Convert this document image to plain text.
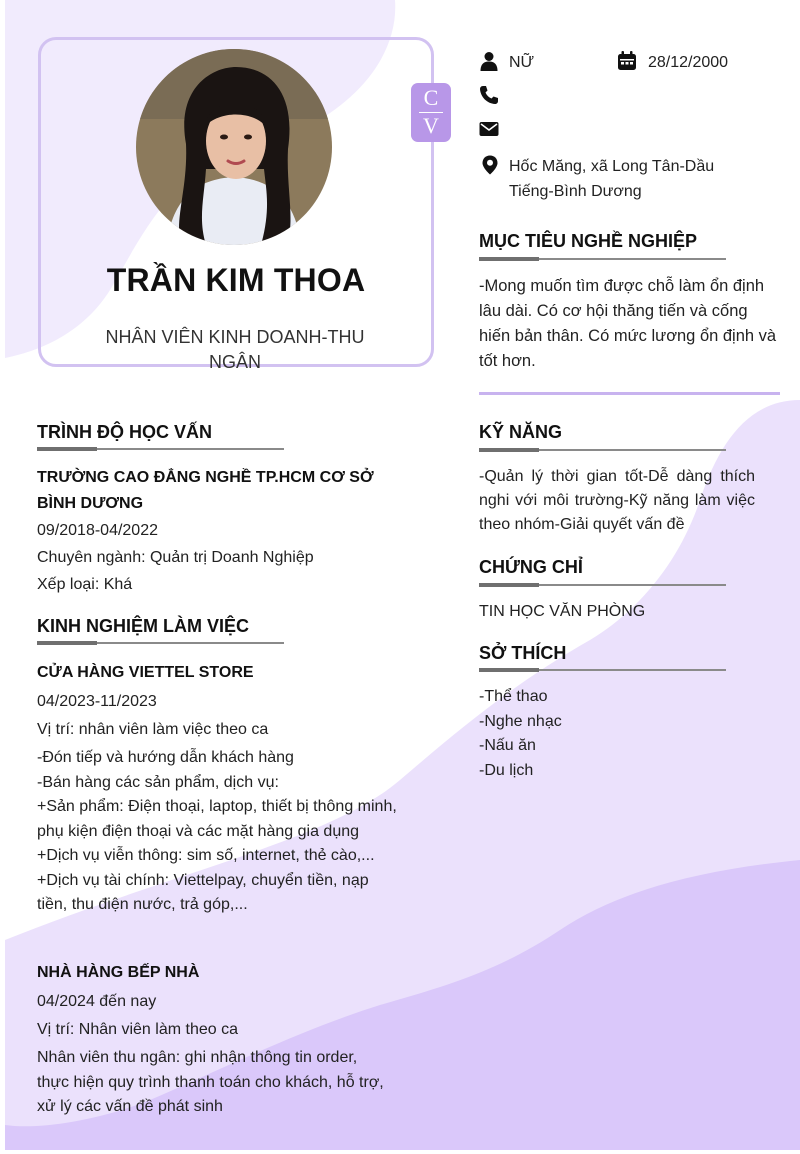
C
V
TRẦN KIM THOA
NHÂN VIÊN KINH DOANH-THU NGÂN
NỮ	28/12/2000
Hốc Măng, xã Long Tân-Dầu Tiếng-Bình Dương
MỤC TIÊU NGHỀ NGHIỆP
-Mong muốn tìm được chỗ làm ổn định lâu dài. Có cơ hội thăng tiến và cống hiến bản thân. Có mức lương ổn định và tốt hơn.
KỸ NĂNG
-Quản lý thời gian tốt-Dễ dàng thích nghi với môi trường-Kỹ năng làm việc theo nhóm-Giải quyết vấn đề
CHỨNG CHỈ
TIN HỌC VĂN PHÒNG
SỞ THÍCH
-Thể thao
-Nghe nhạc
-Nấu ăn
-Du lịch
TRÌNH ĐỘ HỌC VẤN
TRƯỜNG CAO ĐẲNG NGHỀ TP.HCM CƠ SỞ BÌNH DƯƠNG
09/2018-04/2022
Chuyên ngành: Quản trị Doanh Nghiệp
Xếp loại: Khá
KINH NGHIỆM LÀM VIỆC
CỬA HÀNG VIETTEL STORE
04/2023-11/2023
Vị trí: nhân viên làm việc theo ca
-Đón tiếp và hướng dẫn khách hàng
-Bán hàng các sản phẩm, dịch vụ:
+Sản phẩm: Điện thoại, laptop, thiết bị thông minh, phụ kiện điện thoại và các mặt hàng gia dụng
+Dịch vụ viễn thông: sim số, internet, thẻ cào,...
+Dịch vụ tài chính: Viettelpay, chuyển tiền, nạp tiền, thu điện nước, trả góp,...
NHÀ HÀNG BẾP NHÀ
04/2024 đến nay
Vị trí: Nhân viên làm theo ca
Nhân viên thu ngân: ghi nhận thông tin order, thực hiện quy trình thanh toán cho khách, hỗ trợ, xử lý các vấn đề phát sinh
